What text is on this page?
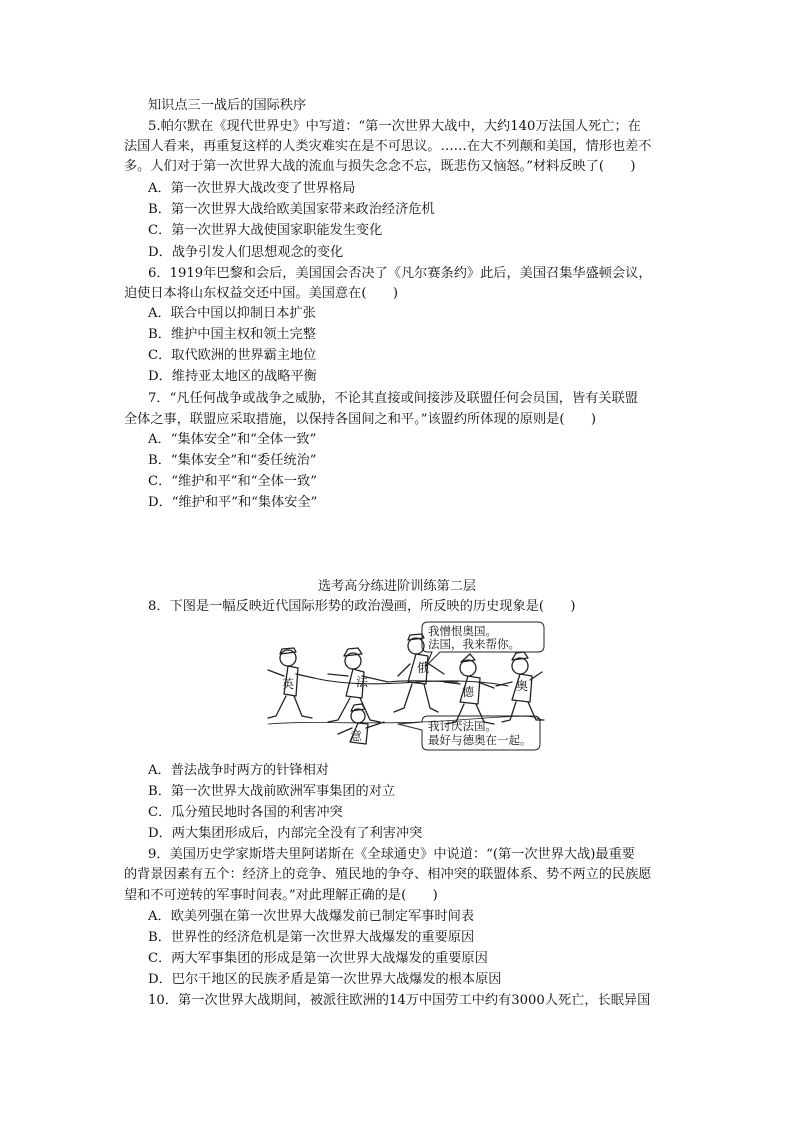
知识点三一战后的国际秩序
5.帕尔默在《现代世界史》中写道：“第一次世界大战中，大约140万法国人死亡；在
法国人看来，再重复这样的人类灾难实在是不可思议。……在大不列颠和美国，情形也差不
多。人们对于第一次世界大战的流血与损失念念不忘，既悲伤又恼怒。”材料反映了(　　)
A．第一次世界大战改变了世界格局
B．第一次世界大战给欧美国家带来政治经济危机
C．第一次世界大战使国家职能发生变化
D．战争引发人们思想观念的变化
6．1919年巴黎和会后，美国国会否决了《凡尔赛条约》此后，美国召集华盛顿会议，
迫使日本将山东权益交还中国。美国意在(　　)
A．联合中国以抑制日本扩张
B．维护中国主权和领土完整
C．取代欧洲的世界霸主地位
D．维持亚太地区的战略平衡
7．“凡任何战争或战争之威胁，不论其直接或间接涉及联盟任何会员国，皆有关联盟
全体之事，联盟应采取措施，以保持各国间之和平。”该盟约所体现的原则是(　　)
A．“集体安全”和“全体一致”
B．“集体安全”和“委任统治”
C．“维护和平”和“全体一致”
D．“维护和平”和“集体安全”
选考高分练进阶训练第二层
8．下图是一幅反映近代国际形势的政治漫画，所反映的历史现象是(　　)
我憎恨奥国。
法国，我来帮你。
我讨厌法国。
最好与德奥在一起。
英	法
俄
德	奥
意
A．普法战争时两方的针锋相对
B．第一次世界大战前欧洲军事集团的对立
C．瓜分殖民地时各国的利害冲突
D．两大集团形成后，内部完全没有了利害冲突
9．美国历史学家斯塔夫里阿诺斯在《全球通史》中说道：“(第一次世界大战)最重要
的背景因素有五个：经济上的竞争、殖民地的争夺、相冲突的联盟体系、势不两立的民族愿
望和不可逆转的军事时间表。”对此理解正确的是(　　)
A．欧美列强在第一次世界大战爆发前已制定军事时间表
B．世界性的经济危机是第一次世界大战爆发的重要原因
C．两大军事集团的形成是第一次世界大战爆发的重要原因
D．巴尔干地区的民族矛盾是第一次世界大战爆发的根本原因
10．第一次世界大战期间，被派往欧洲的14万中国劳工中约有3000人死亡，长眠异国
